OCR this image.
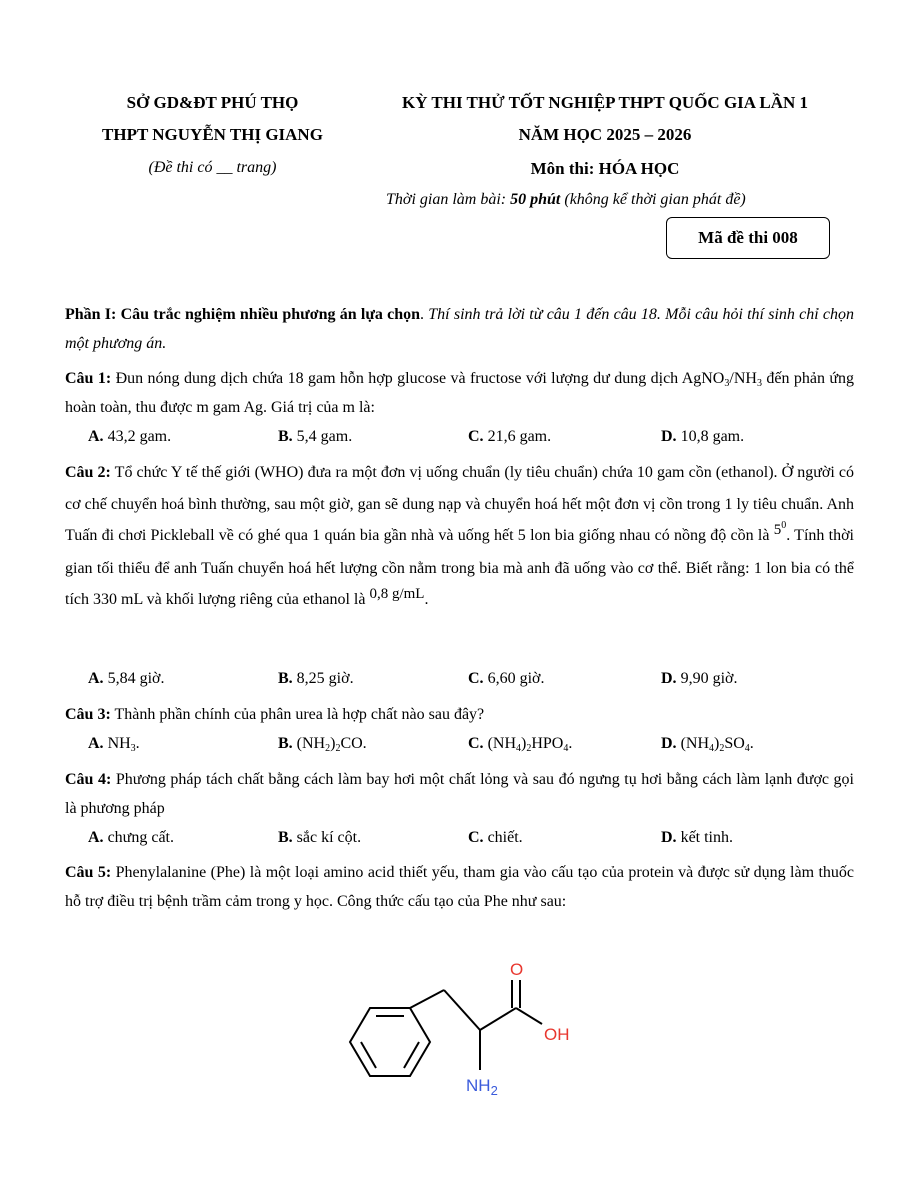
SỞ GD&ĐT PHÚ THỌ
THPT NGUYỄN THỊ GIANG
(Đề thi có __ trang)
KỲ THI THỬ TỐT NGHIỆP THPT QUỐC GIA LẦN 1
NĂM HỌC 2025 – 2026
Môn thi: HÓA HỌC
Thời gian làm bài: 50 phút (không kể thời gian phát đề)
Mã đề thi 008
Phần I: Câu trắc nghiệm nhiều phương án lựa chọn. Thí sinh trả lời từ câu 1 đến câu 18. Mỗi câu hỏi thí sinh chỉ chọn một phương án.
Câu 1: Đun nóng dung dịch chứa 18 gam hỗn hợp glucose và fructose với lượng dư dung dịch $AgNO_3/NH_3$ đến phản ứng hoàn toàn, thu được m gam Ag. Giá trị của m là:
A. 43,2 gam.	B. 5,4 gam.	C. 21,6 gam.	D. 10,8 gam.
Câu 2: Tổ chức Y tế thế giới (WHO) đưa ra một đơn vị uống chuẩn (ly tiêu chuẩn) chứa 10 gam cồn (ethanol). Ở người có cơ chế chuyển hoá bình thường, sau một giờ, gan sẽ dung nạp và chuyển hoá hết một đơn vị cồn trong 1 ly tiêu chuẩn. Anh Tuấn đi chơi Pickleball về có ghé qua 1 quán bia gần nhà và uống hết 5 lon bia giống nhau có nồng độ cồn là $5^0$. Tính thời gian tối thiểu để anh Tuấn chuyển hoá hết lượng cồn nằm trong bia mà anh đã uống vào cơ thể. Biết rằng: 1 lon bia có thể tích 330 mL và khối lượng riêng của ethanol là 0,8 g/mL.
A. 5,84 giờ.	B. 8,25 giờ.	C. 6,60 giờ.	D. 9,90 giờ.
Câu 3: Thành phần chính của phân urea là hợp chất nào sau đây?
A. $NH_3$.	B. $(NH_2)_2CO$.	C. $(NH_4)_2HPO_4$.	D. $(NH_4)_2SO_4$.
Câu 4: Phương pháp tách chất bằng cách làm bay hơi một chất lỏng và sau đó ngưng tụ hơi bằng cách làm lạnh được gọi là phương pháp
A. chưng cất.	B. sắc kí cột.	C. chiết.	D. kết tinh.
Câu 5: Phenylalanine (Phe) là một loại amino acid thiết yếu, tham gia vào cấu tạo của protein và được sử dụng làm thuốc hỗ trợ điều trị bệnh trầm cảm trong y học. Công thức cấu tạo của Phe như sau:
O
OH
$NH_2$
